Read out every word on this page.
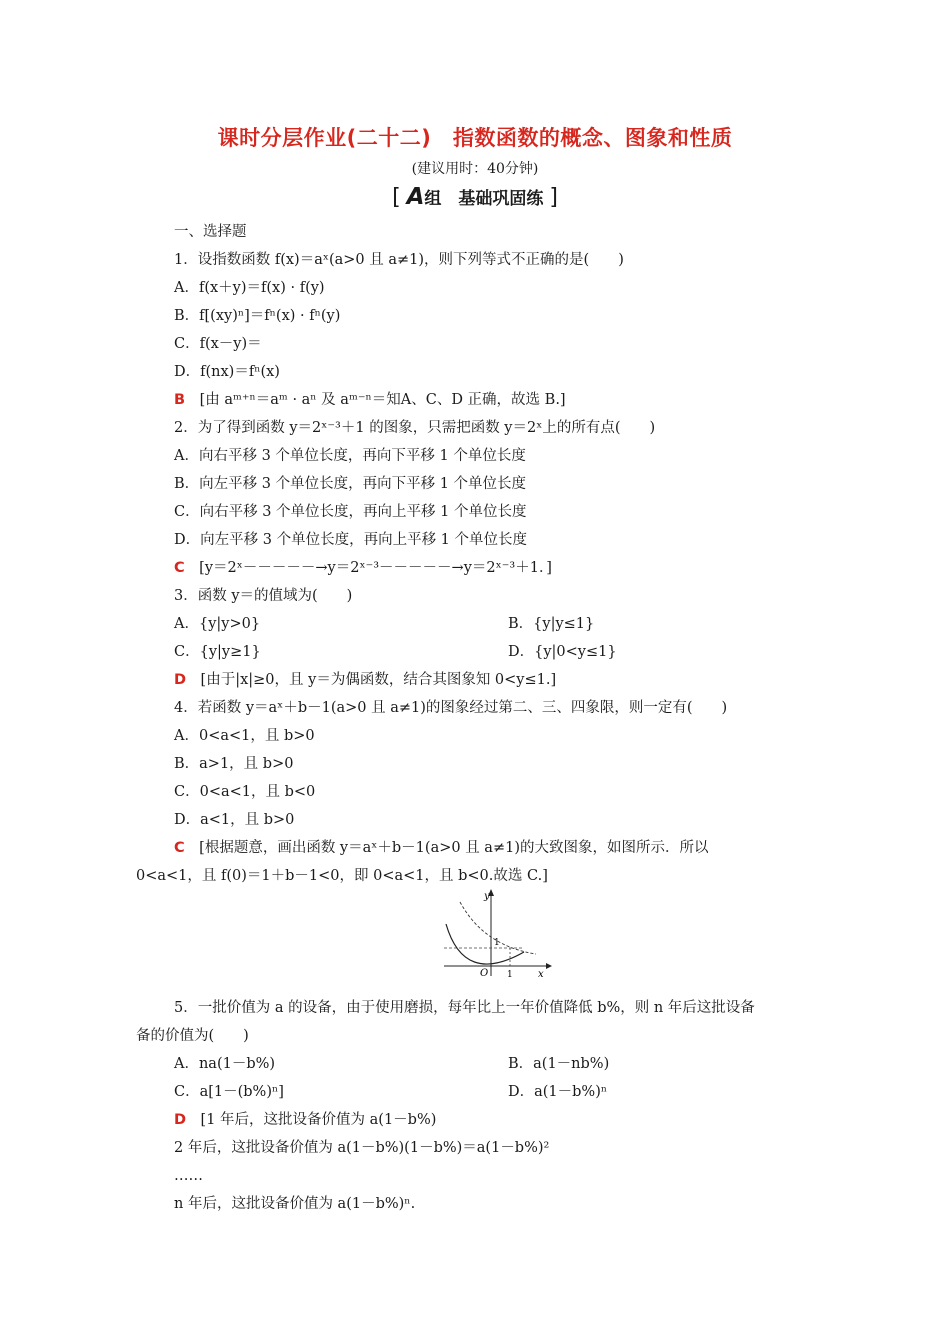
课时分层作业(二十二)　指数函数的概念、图象和性质
(建议用时：40分钟)
[ A组　基础巩固练 ]
一、选择题
1．设指数函数 f(x)＝aˣ(a>0 且 a≠1)，则下列等式不正确的是(　　)
A．f(x＋y)＝f(x) · f(y)
B．f[(xy)ⁿ]＝fⁿ(x) · fⁿ(y)
C．f(x－y)＝
D．f(nx)＝fⁿ(x)
B　 [由 aᵐ⁺ⁿ＝aᵐ · aⁿ 及 aᵐ⁻ⁿ＝知A、C、D 正确，故选 B.]
2．为了得到函数 y＝2ˣ⁻³＋1 的图象，只需把函数 y＝2ˣ上的所有点(　　)
A．向右平移 3 个单位长度，再向下平移 1 个单位长度
B．向左平移 3 个单位长度，再向下平移 1 个单位长度
C．向右平移 3 个单位长度，再向上平移 1 个单位长度
D．向左平移 3 个单位长度，再向上平移 1 个单位长度
C　 [y＝2ˣ－－－－－→y＝2ˣ⁻³－－－－－→y＝2ˣ⁻³＋1．]
3．函数 y＝的值域为(　　)
A．{y|y>0}	B．{y|y≤1}
C．{y|y≥1}	D．{y|0<y≤1}
D　 [由于|x|≥0，且 y＝为偶函数，结合其图象知 0<y≤1.]
4．若函数 y＝aˣ＋b－1(a>0 且 a≠1)的图象经过第二、三、四象限，则一定有(　　)
A．0<a<1，且 b>0
B．a>1，且 b>0
C．0<a<1，且 b<0
D．a<1，且 b>0
C　 [根据题意，画出函数 y＝aˣ＋b－1(a>0 且 a≠1)的大致图象，如图所示．所以
0<a<1，且 f(0)＝1＋b－1<0，即 0<a<1，且 b<0.故选 C.]
y
x
O 1
1
5．一批价值为 a 的设备，由于使用磨损，每年比上一年价值降低 b%，则 n 年后这批设备
备的价值为(　　)
A．na(1－b%)	B．a(1－nb%)
C．a[1－(b%)ⁿ]	D．a(1－b%)ⁿ
D　 [1 年后，这批设备价值为 a(1－b%)
2 年后，这批设备价值为 a(1－b%)(1－b%)＝a(1－b%)²
……
n 年后，这批设备价值为 a(1－b%)ⁿ.
